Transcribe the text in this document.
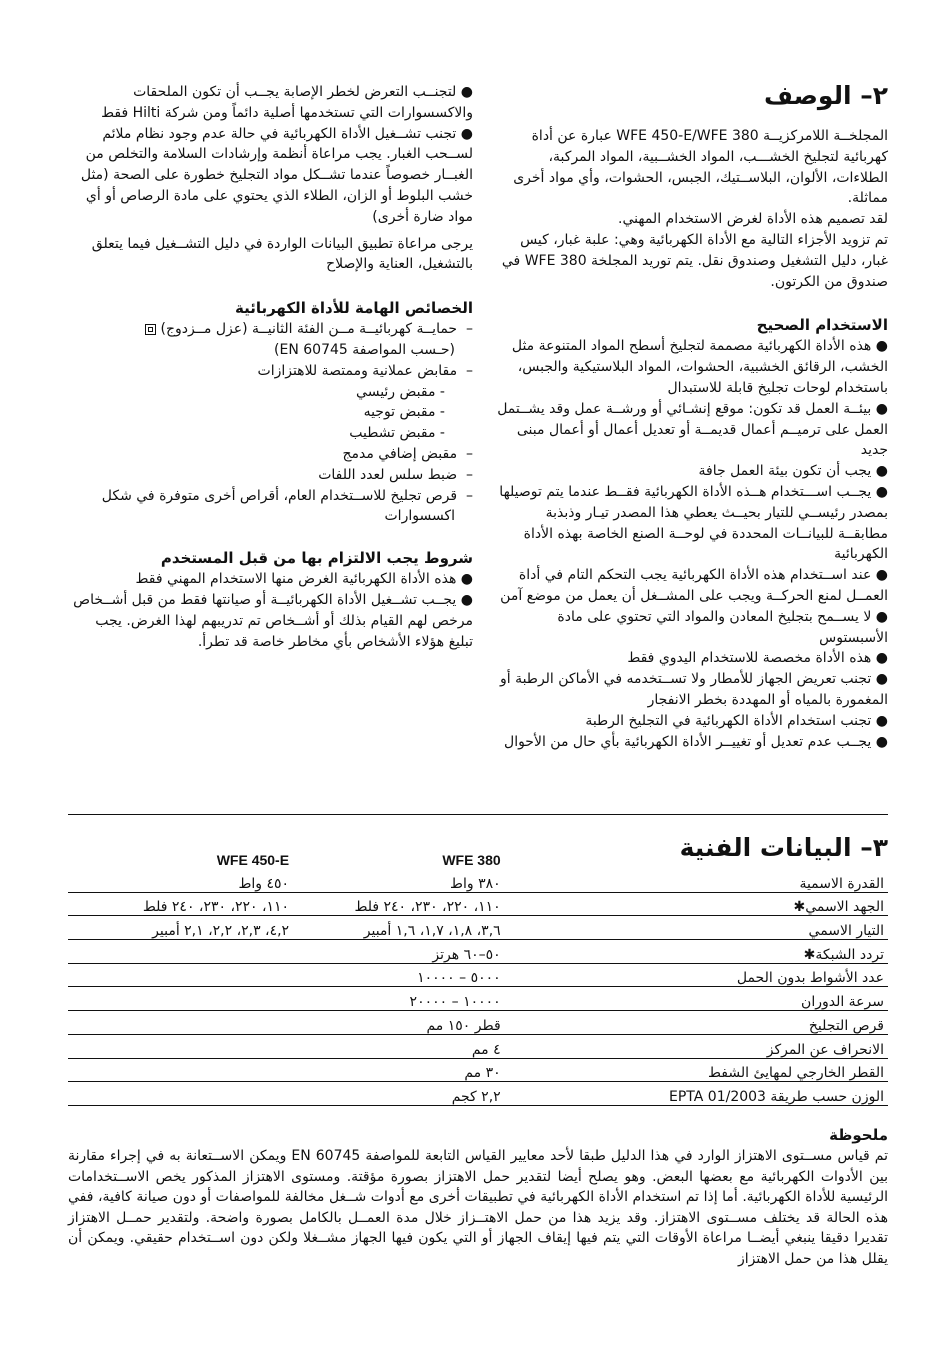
٢– الوصف

المجلخــة اللامركزيــة WFE 450-E/WFE 380 عبارة عن أداة كهربائية لتجليخ الخشـــب، المواد الخشــبية، المواد المركبة، الطلاءات، الألوان، البلاســتيك، الجبس، الحشوات، وأي مواد أخرى مماثلة.

لقد تصميم هذه الأداة لغرض الاستخدام المهني.

تم تزويد الأجزاء التالية مع الأداة الكهربائية وهي: علبة غبار، كيس غبار، دليل التشغيل وصندوق نقل. يتم توريد المجلخة WFE 380 في صندوق من الكرتون.

الاستخدام الصحيح

● هذه الأداة الكهربائية مصممة لتجليخ أسطح المواد المتنوعة مثل الخشب، الرقائق الخشبية، الحشوات، المواد البلاستيكية والجبس، باستخدام لوحات تجليخ قابلة للاستبدال

● بيئــة العمل قد تكون: موقع إنشـائي أو ورشــة عمل وقد يشــتمل العمل على ترميــم أعمال قديمــة أو تعديل أعمال أو أعمال مبنى جديد

● يجب أن تكون بيئة العمل جافة

● يجــب اســـتخدام هــذه الأداة الكهربائية فقــط عندما يتم توصيلها بمصدر رئيســي للتيار بحيــث يعطي هذا المصدر تيـار وذبذبة مطابقــة للبيانــات المحددة في لوحــة الصنع الخاصة بهذه الأداة الكهربائية

● عند اســتخدام هذه الأداة الكهربائية يجب التحكم التام في أداة العمــل لمنع الحركــة ويجب على المشــغل أن يعمل من موضع آمن

● لا يســمح بتجليخ المعادن والمواد التي تحتوي على مادة الأسبستوس

● هذه الأداة مخصصة للاستخدام اليدوي فقط

● تجنب تعريض الجهاز للأمطار ولا تســتخدمه في الأماكن الرطبة أو المغمورة بالمياه أو المهددة بخطر الانفجار

● تجنب استخدام الأداة الكهربائية في التجليخ الرطبة

● يجــب عدم تعديل أو تغييــر الأداة الكهربائية بأي حال من الأحوال

● لتجنــب التعرض لخطر الإصابة يجــب أن تكون الملحقات والاكسسوارات التي تستخدمها أصلية دائماً ومن شركة Hilti فقط

● تجنب تشــغيل الأداة الكهربائية في حالة عدم وجود نظام ملائم لســحب الغبار. يجب مراعاة أنظمة وإرشادات السلامة والتخلص من الغبــار خصوصاً عندما تشــكل مواد التجليخ خطورة على الصحة (مثل خشب البلوط أو الزان، الطلاء الذي يحتوي على مادة الرصاص أو أي مواد ضارة أخرى)

يرجى مراعاة تطبيق البيانات الواردة في دليل التشــغيل فيما يتعلق بالتشغيل، العناية والإصلاح

الخصائص الهامة للأداة الكهربائية

–  حمايــة كهربائيــة مــن الفئة الثانيــة (عزل مــزدوج)

(حـسب المواصفة EN 60745)

–  مقابض عملانية وممتصة للاهتزازات

- مقبض رئيسي

- مقبض توجيه

- مقبض تشطيب

–  مقبض إضافي مدمج

–  ضبط سلس لعدد اللفات

–  قرص تجليخ للاســتخدام العام، أقراص أخرى متوفرة في شكل اكسسوارات

شروط يجب الالتزام بها من قبل المستخدم

● هذه الأداة الكهربائية الغرض منها الاستخدام المهني فقط

● يجــب تشــغيل الأداة الكهربائيــة أو صيانتها فقط من قبل أشــخاص مرخص لهم القيام بذلك أو أشــخاص تم تدريبهم لهذا الغرض. يجب تبليغ هؤلاء الأشخاص بأي مخاطر خاصة قد تطرأ.

٣– البيانات الفنية
	WFE 380	WFE 450-E
القدرة الاسمية	٣٨٠ واط	٤٥٠ واط
الجهد الاسمي✱	١١٠، ٢٢٠، ٢٣٠، ٢٤٠ فلط	١١٠، ٢٢٠، ٢٣٠، ٢٤٠ فلط
التيار الاسمي	٣,٦، ١,٨، ١,٧، ١,٦ أمبير	٤,٢، ٢,٣، ٢,٢، ٢,١ أمبير
تردد الشبكة✱	٥٠–٦٠ هرتز	
عدد الأشواط بدون الحمل	٥٠٠٠ – ١٠٠٠٠	
سرعة الدوران	١٠٠٠٠ – ٢٠٠٠٠	
قرص التجليخ	قطر ١٥٠ مم	
الانحراف عن المركز	٤ مم	
القطر الخارجي لمهايئ الشفط	٣٠ مم	
الوزن حسب طريقة EPTA 01/2003	٢,٢ كجم	

ملحوظة

تم قياس مســتوى الاهتزاز الوارد في هذا الدليل طبقا لأحد معايير القياس التابعة للمواصفة EN 60745 ويمكن الاســتعانة به في إجراء مقارنة بين الأدوات الكهربائية مع بعضها البعض. وهو يصلح أيضا لتقدير حمل الاهتزاز بصورة مؤقتة. ومستوى الاهتزاز المذكور يخص الاســتخدامات الرئيسية للأداة الكهربائية. أما إذا تم استخدام الأداة الكهربائية في تطبيقات أخرى مع أدوات شــغل مخالفة للمواصفات أو دون صيانة كافية، ففي هذه الحالة قد يختلف مســتوى الاهتزاز. وقد يزيد هذا من حمل الاهتــزاز خلال مدة العمــل بالكامل بصورة واضحة. ولتقدير حمــل الاهتزاز تقديرا دقيقا ينبغي أيضــا مراعاة الأوقات التي يتم فيها إيقاف الجهاز أو التي يكون فيها الجهاز مشــغلا ولكن دون اســتخدام حقيقي. ويمكن أن يقلل هذا من حمل الاهتزاز
